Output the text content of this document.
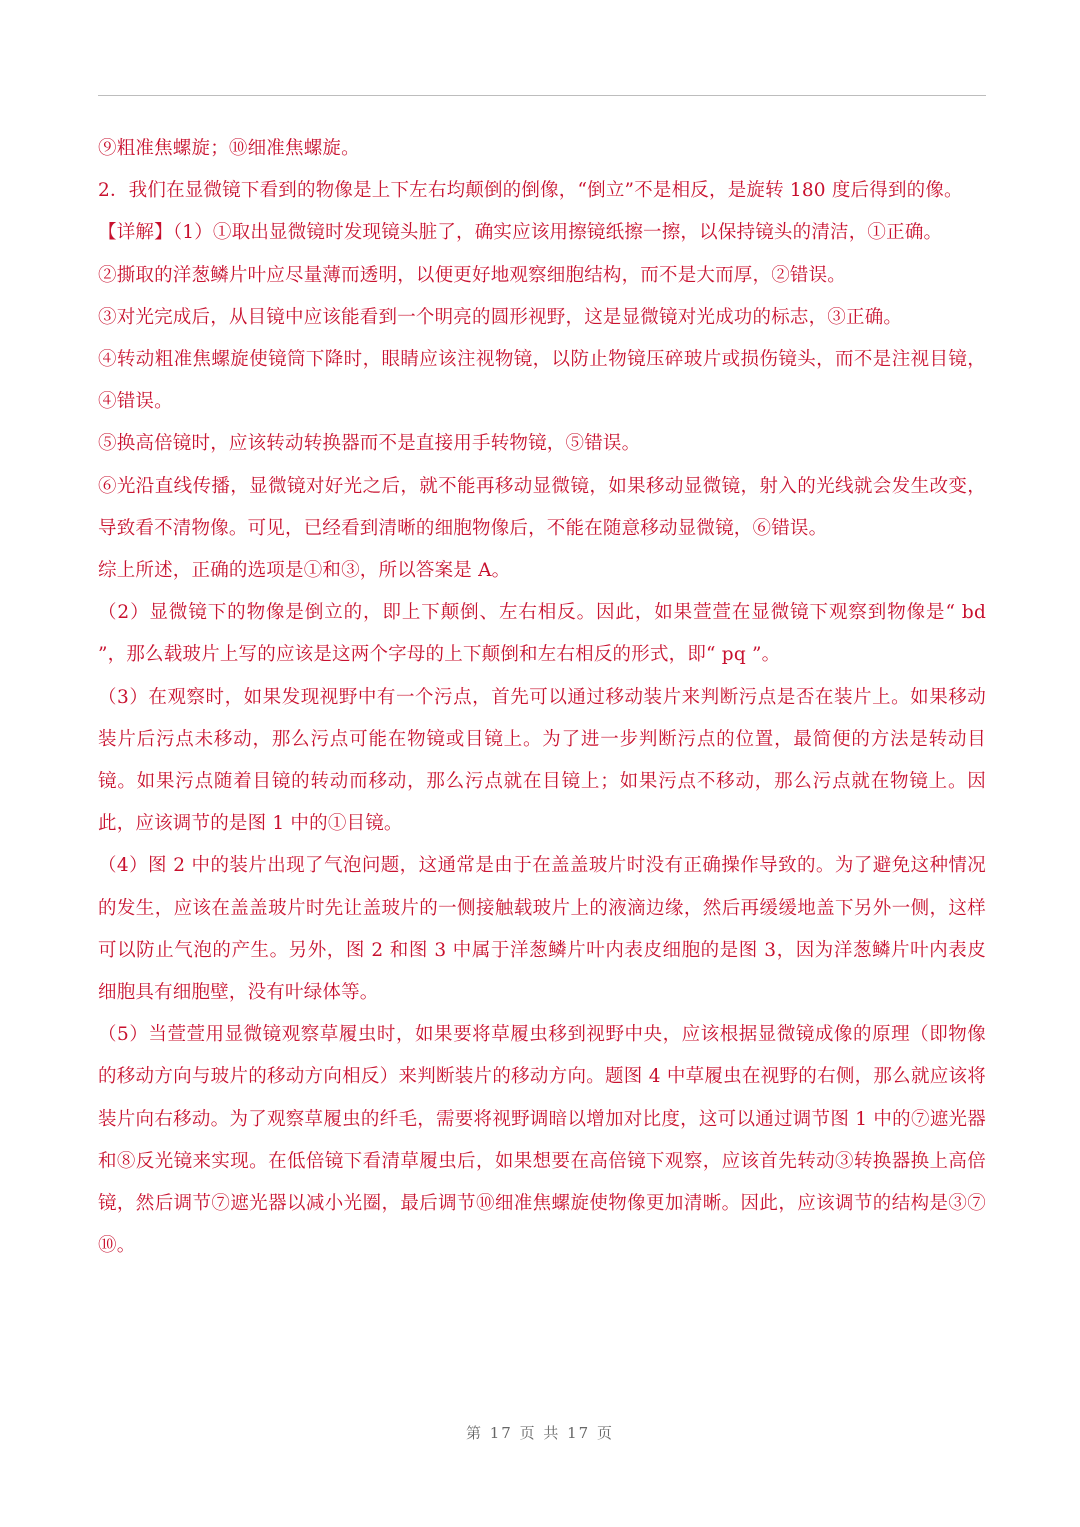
⑨粗准焦螺旋；⑩细准焦螺旋。

2．我们在显微镜下看到的物像是上下左右均颠倒的倒像，“倒立”不是相反，是旋转 180 度后得到的像。

【详解】（1）①取出显微镜时发现镜头脏了，确实应该用擦镜纸擦一擦，以保持镜头的清洁，①正确。

②撕取的洋葱鳞片叶应尽量薄而透明，以便更好地观察细胞结构，而不是大而厚，②错误。

③对光完成后，从目镜中应该能看到一个明亮的圆形视野，这是显微镜对光成功的标志，③正确。

④转动粗准焦螺旋使镜筒下降时，眼睛应该注视物镜，以防止物镜压碎玻片或损伤镜头，而不是注视目镜，④错误。

⑤换高倍镜时，应该转动转换器而不是直接用手转物镜，⑤错误。

⑥光沿直线传播，显微镜对好光之后，就不能再移动显微镜，如果移动显微镜，射入的光线就会发生改变，导致看不清物像。可见，已经看到清晰的细胞物像后，不能在随意移动显微镜，⑥错误。

综上所述，正确的选项是①和③，所以答案是 A。

（2）显微镜下的物像是倒立的，即上下颠倒、左右相反。因此，如果萱萱在显微镜下观察到物像是“ bd ”，那么载玻片上写的应该是这两个字母的上下颠倒和左右相反的形式，即“ pq ”。

（3）在观察时，如果发现视野中有一个污点，首先可以通过移动装片来判断污点是否在装片上。如果移动装片后污点未移动，那么污点可能在物镜或目镜上。为了进一步判断污点的位置，最简便的方法是转动目镜。如果污点随着目镜的转动而移动，那么污点就在目镜上；如果污点不移动，那么污点就在物镜上。因此，应该调节的是图 1 中的①目镜。

（4）图 2 中的装片出现了气泡问题，这通常是由于在盖盖玻片时没有正确操作导致的。为了避免这种情况的发生，应该在盖盖玻片时先让盖玻片的一侧接触载玻片上的液滴边缘，然后再缓缓地盖下另外一侧，这样可以防止气泡的产生。另外，图 2 和图 3 中属于洋葱鳞片叶内表皮细胞的是图 3，因为洋葱鳞片叶内表皮细胞具有细胞壁，没有叶绿体等。

（5）当萱萱用显微镜观察草履虫时，如果要将草履虫移到视野中央，应该根据显微镜成像的原理（即物像的移动方向与玻片的移动方向相反）来判断装片的移动方向。题图 4 中草履虫在视野的右侧，那么就应该将装片向右移动。为了观察草履虫的纤毛，需要将视野调暗以增加对比度，这可以通过调节图 1 中的⑦遮光器和⑧反光镜来实现。在低倍镜下看清草履虫后，如果想要在高倍镜下观察，应该首先转动③转换器换上高倍镜，然后调节⑦遮光器以减小光圈，最后调节⑩细准焦螺旋使物像更加清晰。因此，应该调节的结构是③⑦⑩。

第 17 页 共 17 页
